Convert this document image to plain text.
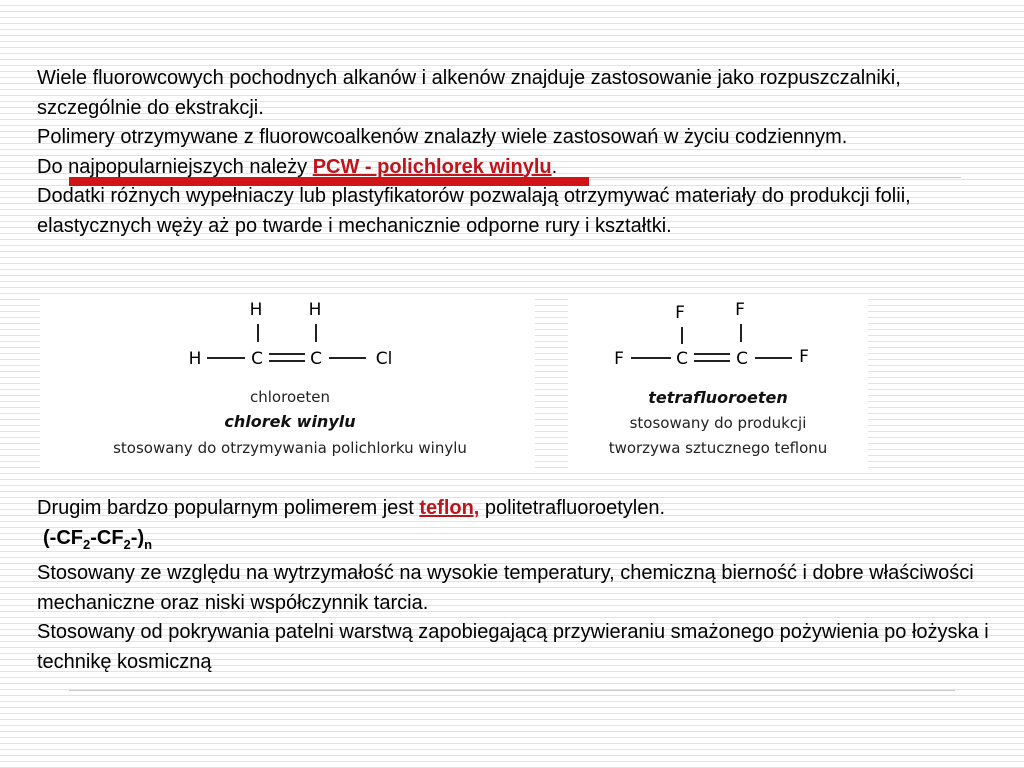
Wiele fluorowcowych pochodnych alkanów i alkenów znajduje zastosowanie jako rozpuszczalniki, szczególnie do ekstrakcji.

Polimery otrzymywane z fluorowcoalkenów znalazły wiele zastosowań w życiu codziennym.

Do najpopularniejszych należy PCW - polichlorek winylu.

Dodatki różnych wypełniaczy lub plastyfikatorów pozwalają otrzymywać materiały do produkcji folii, elastycznych węży aż po twarde i mechanicznie odporne rury i kształtki.

H	H
H	C	C	Cl
chloroeten
chlorek winylu
stosowany do otrzymywania polichlorku winylu
F	F
F	C	C	F
tetrafluoroeten
stosowany do produkcji
tworzywa sztucznego teflonu

Drugim bardzo popularnym polimerem jest teflon, politetrafluoroetylen.

$(-CF_2-CF_2-)_n$

Stosowany ze względu na wytrzymałość na wysokie temperatury, chemiczną bierność i dobre właściwości mechaniczne oraz niski współczynnik tarcia.

Stosowany od pokrywania patelni warstwą zapobiegającą przywieraniu smażonego pożywienia po łożyska i technikę kosmiczną
